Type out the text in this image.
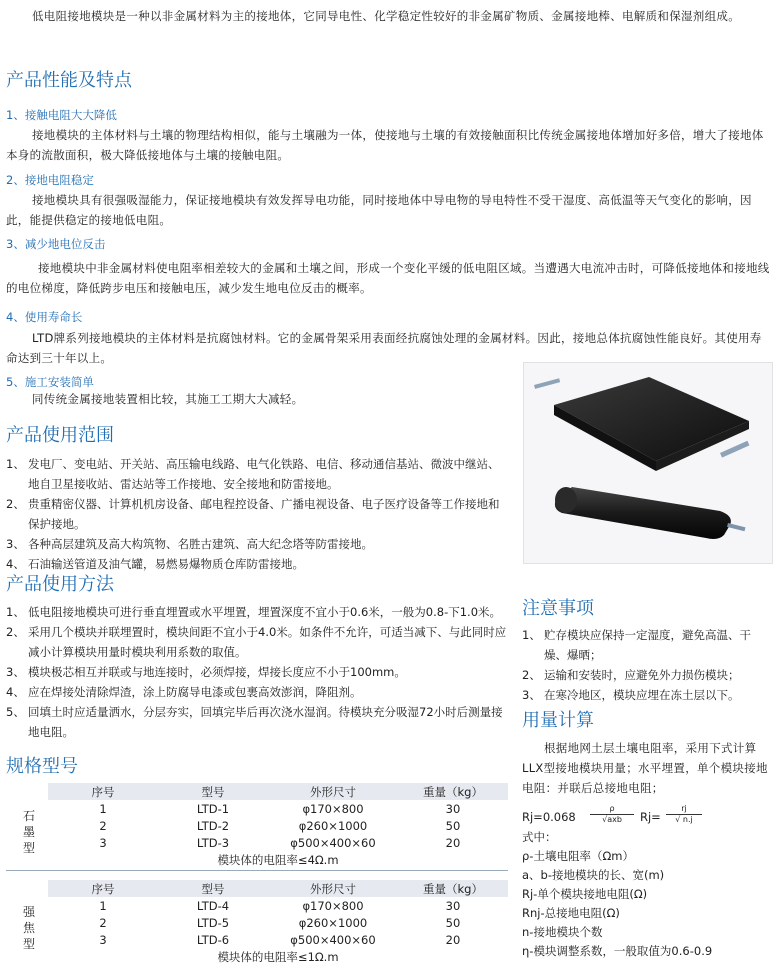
低电阻接地模块是一种以非金属材料为主的接地体，它同导电性、化学稳定性较好的非金属矿物质、金属接地棒、电解质和保湿剂组成。
产品性能及特点
1、接触电阻大大降低
接地模块的主体材料与土壤的物理结构相似，能与土壤融为一体，使接地与土壤的有效接触面积比传统金属接地体增加好多倍，增大了接地体本身的流散面积，极大降低接地体与土壤的接触电阻。
2、接地电阻稳定
接地模块具有很强吸湿能力，保证接地模块有效发挥导电功能，同时接地体中导电物的导电特性不受干湿度、高低温等天气变化的影响，因此，能提供稳定的接地低电阻。
3、减少地电位反击
接地模块中非金属材料使电阻率相差较大的金属和土壤之间，形成一个变化平缓的低电阻区域。当遭遇大电流冲击时，可降低接地体和接地线的电位梯度，降低跨步电压和接触电压，减少发生地电位反击的概率。
4、使用寿命长
LTD牌系列接地模块的主体材料是抗腐蚀材料。它的金属骨架采用表面经抗腐蚀处理的金属材料。因此，接地总体抗腐蚀性能良好。其使用寿命达到三十年以上。
5、施工安装简单
同传统金属接地装置相比较，其施工工期大大减轻。
产品使用范围
1、 发电厂、变电站、开关站、高压输电线路、电气化铁路、电信、移动通信基站、微波中继站、地自卫星接收站、雷达站等工作接地、安全接地和防雷接地。
2、 贵重精密仪器、计算机机房设备、邮电程控设备、广播电视设备、电子医疗设备等工作接地和保护接地。
3、 各种高层建筑及高大构筑物、名胜古建筑、高大纪念塔等防雷接地。
4、 石油输送管道及油气罐，易燃易爆物质仓库防雷接地。
产品使用方法
1、 低电阻接地模块可进行垂直埋置或水平埋置，埋置深度不宜小于0.6米，一般为0.8-下1.0米。
2、 采用几个模块并联埋置时，模块间距不宜小于4.0米。如条件不允许，可适当减下、与此同时应减小计算模块用量时模块利用系数的取值。
3、 模块极芯相互并联或与地连接时，必须焊接，焊接长度应不小于100mm。
4、 应在焊接处清除焊渣，涂上防腐导电漆或包裹高效澎润，降阻剂。
5、 回填土时应适量洒水，分层夯实，回填完毕后再次浇水湿润。待模块充分吸湿72小时后测量接地电阻。
规格型号
石
墨
型
序号	型号	外形尺寸	重量（kg）
1	LTD-1	φ170×800	30
2	LTD-2	φ260×1000	50
3	LTD-3	φ500×400×60	20
模块体的电阻率≤4Ω.m			
强
焦
型
序号	型号	外形尺寸	重量（kg）
1	LTD-4	φ170×800	30
2	LTD-5	φ260×1000	50
3	LTD-6	φ500×400×60	20
模块体的电阻率≤1Ω.m			
注意事项
1、 贮存模块应保持一定湿度，避免高温、干燥、爆晒；
2、 运输和安装时，应避免外力损伤模块；
3、 在寒冷地区，模块应埋在冻土层以下。
用量计算
根据地网土层土壤电阻率，采用下式计算LLX型接地模块用量；水平埋置，单个模块接地电阻：并联后总接地电阻；
Rj=0.068
ρ
√axb	Rj=
rj
√ n.j
式中：
ρ-土壤电阻率（Ωm）
a、b-接地模块的长、宽(m)
Rj-单个模块接地电阻(Ω)
Rnj-总接地电阻(Ω)
n-接地模块个数
η-模块调整系数，一般取值为0.6-0.9
